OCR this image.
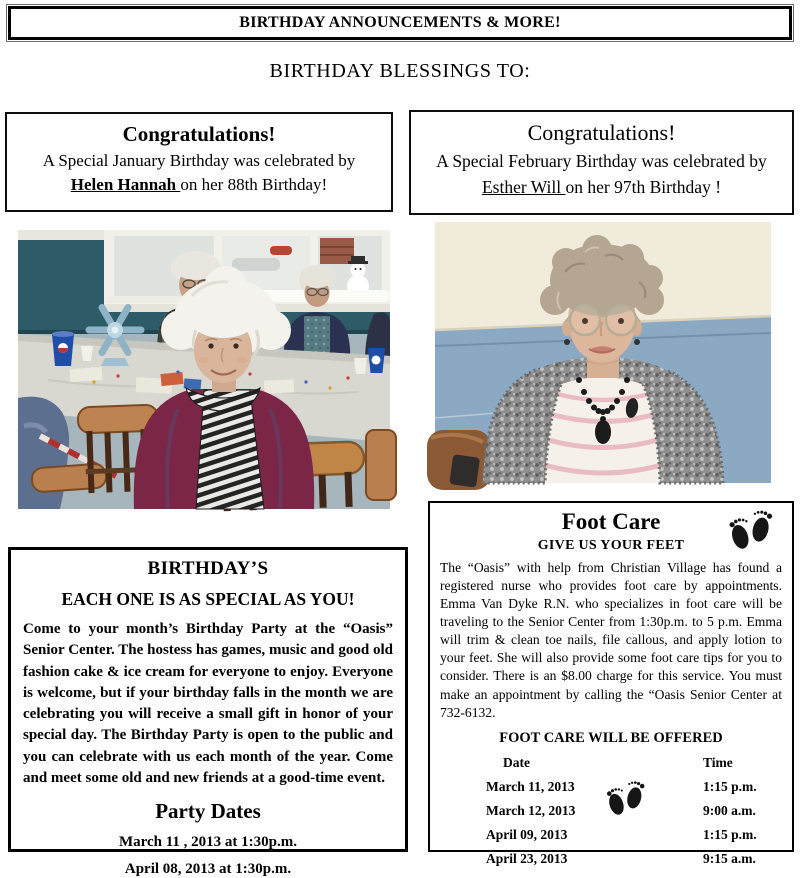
BIRTHDAY ANNOUNCEMENTS & MORE!
BIRTHDAY BLESSINGS TO:
Congratulations!
A Special January Birthday was celebrated by
Helen Hannah on her 88th Birthday!
Congratulations!
A Special February Birthday was celebrated by
Esther Will on her 97th Birthday !
BIRTHDAY’S
EACH ONE IS AS SPECIAL AS YOU!
Come to your month’s Birthday Party at the “Oasis” Senior Center. The hostess has games, music and good old fashion cake & ice cream for everyone to enjoy. Everyone is welcome, but if your birthday falls in the month we are celebrating you will receive a small gift in honor of your special day. The Birthday Party is open to the public and you can celebrate with us each month of the year. Come and meet some old and new friends at a good-time event.
Party Dates
March 11 , 2013 at 1:30p.m.
April 08, 2013 at 1:30p.m.
Foot Care
GIVE US YOUR FEET
The “Oasis” with help from Christian Village has found a registered nurse who provides foot care by appointments. Emma Van Dyke R.N. who specializes in foot care will be traveling to the Senior Center from 1:30p.m. to 5 p.m. Emma will trim & clean toe nails, file callous, and apply lotion to your feet. She will also provide some foot care tips for you to consider. There is an $8.00 charge for this service. You must make an appointment by calling the “Oasis Senior Center at 732-6132.
FOOT CARE WILL BE OFFERED
Date	Time
March 11, 2013	1:15 p.m.
March 12, 2013	9:00 a.m.
April 09, 2013	1:15 p.m.
April 23, 2013	9:15 a.m.
